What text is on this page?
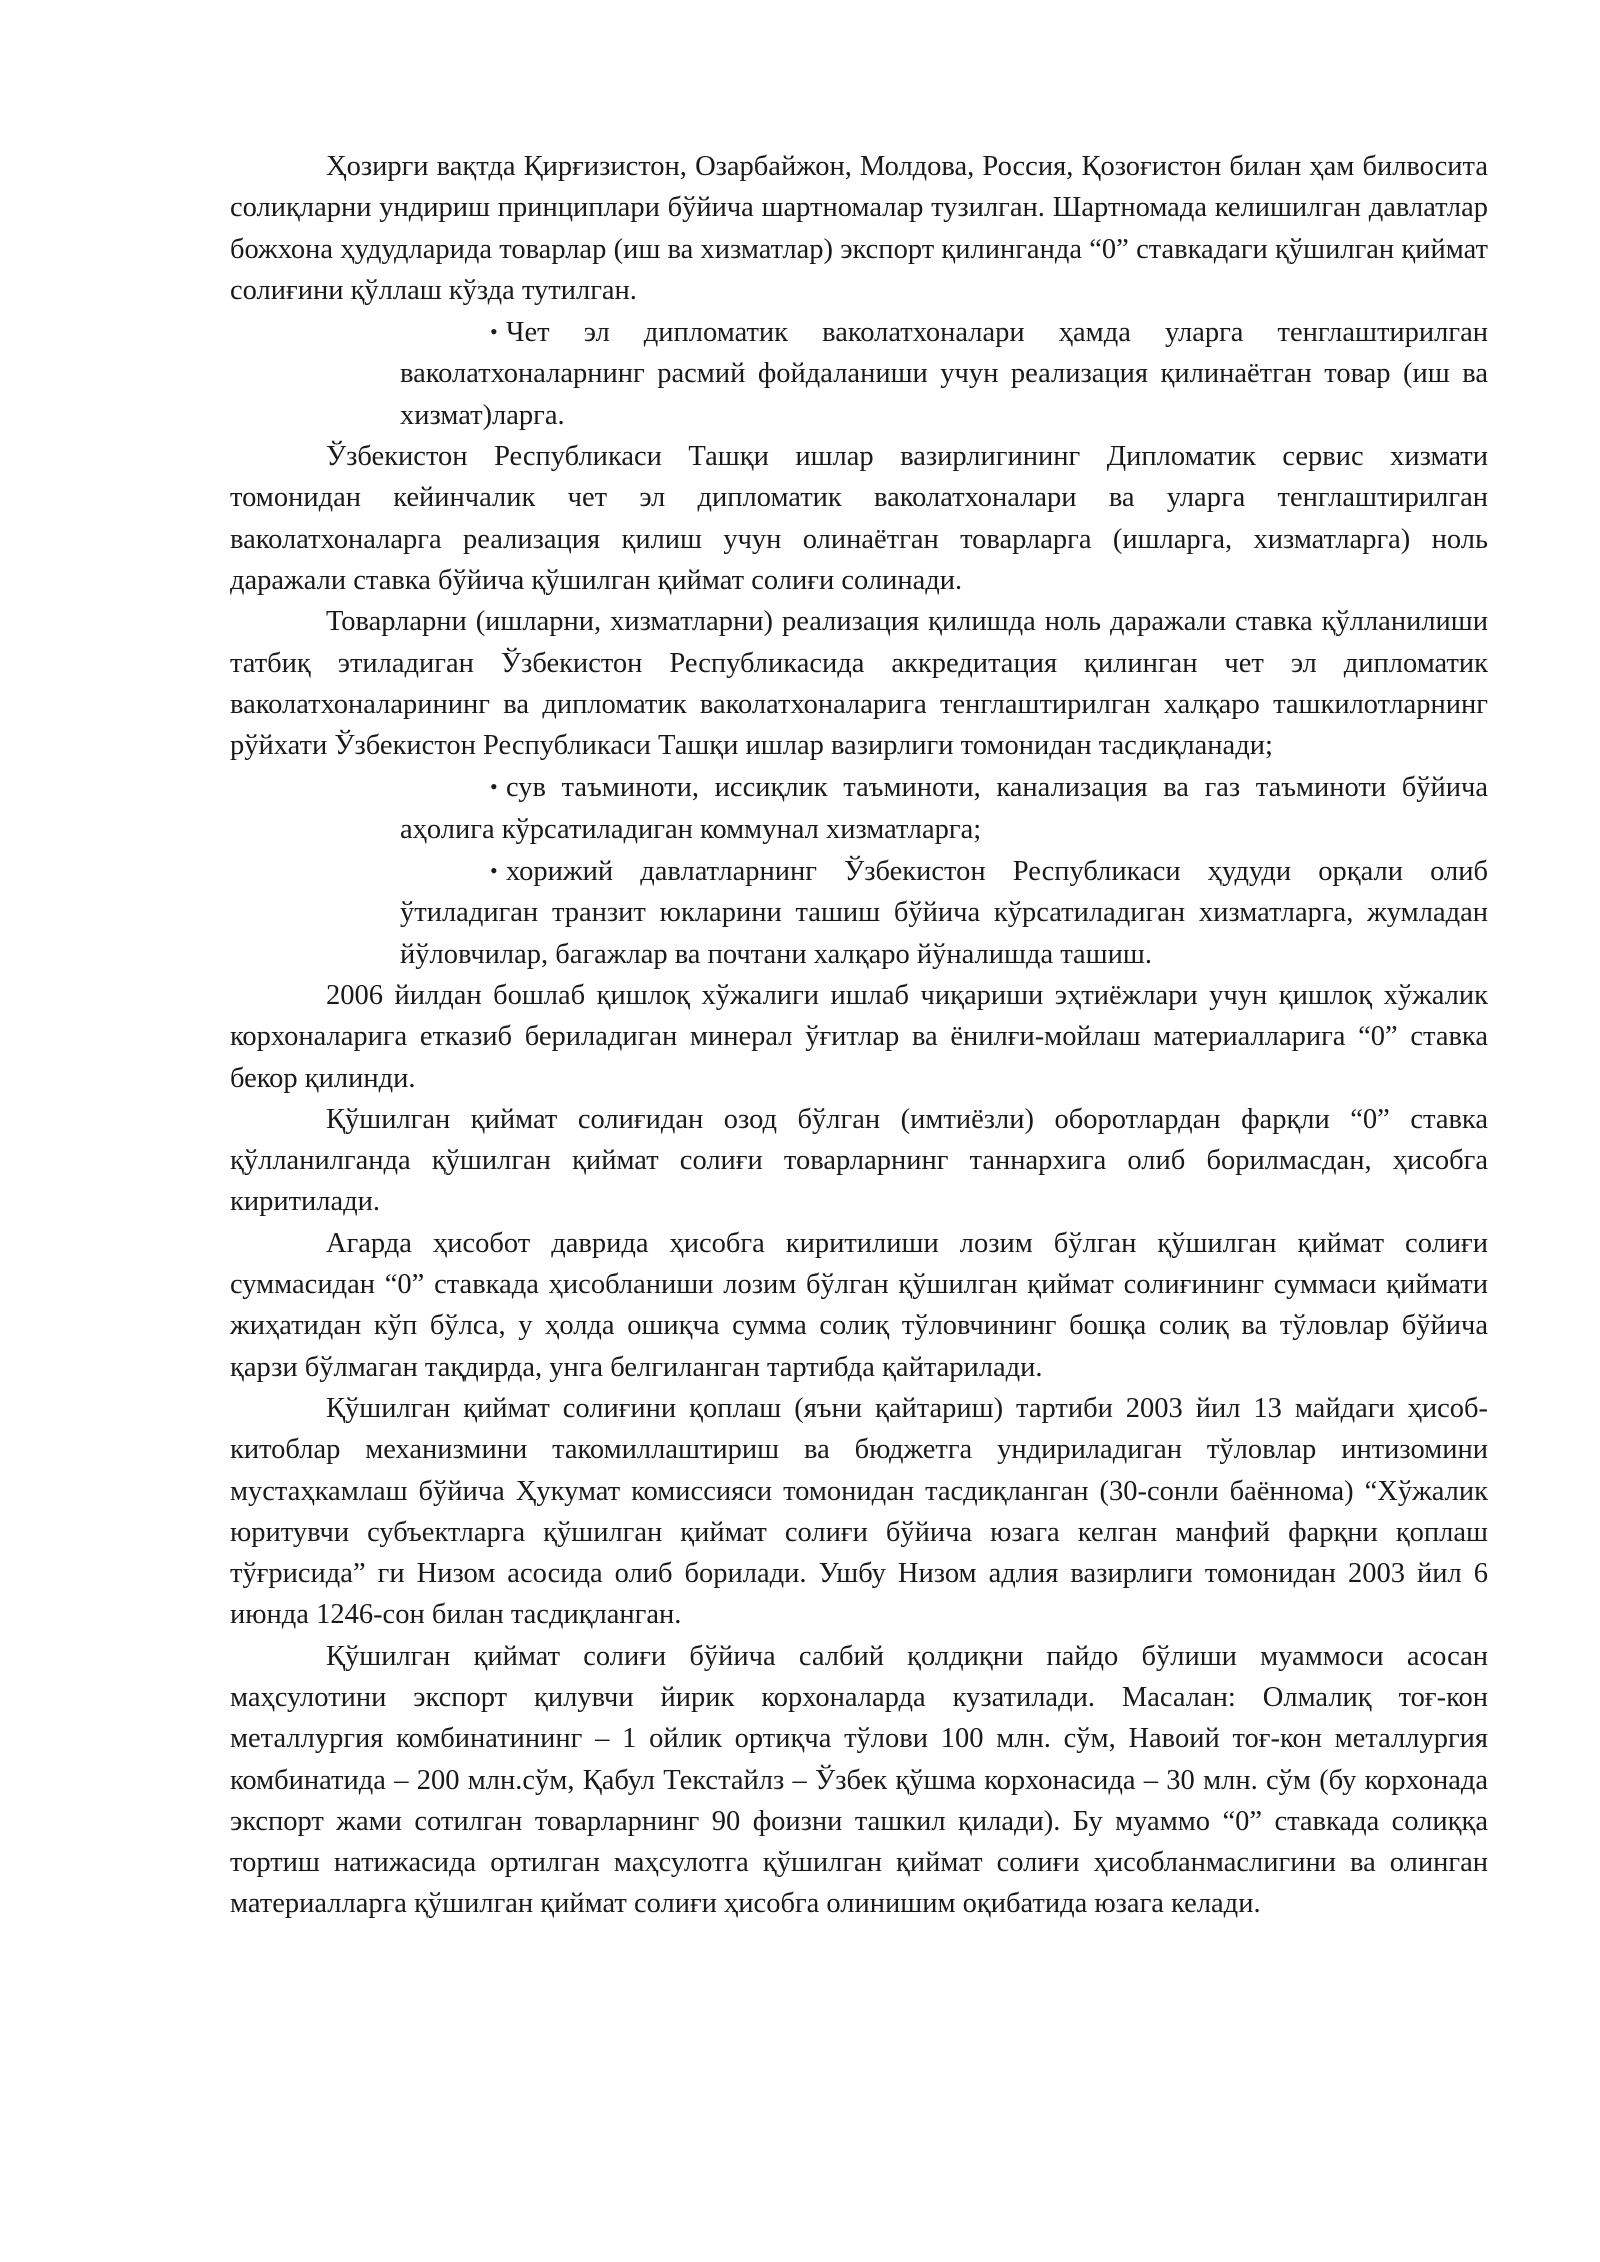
Ҳозирги вақтда Қирғизистон, Озарбайжон, Молдова, Россия, Қозоғистон билан ҳам билвосита солиқларни ундириш принциплари бўйича шартномалар тузилган. Шартномада келишилган давлатлар божхона ҳудудларида товарлар (иш ва хизматлар) экспорт қилинганда “0” ставкадаги қўшилган қиймат солиғини қўллаш кўзда тутилган.

• Чет эл дипломатик ваколатхоналари ҳамда уларга тенглаштирилган ваколатхоналарнинг расмий фойдаланиши учун реализация қилинаётган товар (иш ва хизмат)ларга.

Ўзбекистон Республикаси Ташқи ишлар вазирлигининг Дипломатик сервис хизмати томонидан кейинчалик чет эл дипломатик ваколатхоналари ва уларга тенглаштирилган ваколатхоналарга реализация қилиш учун олинаётган товарларга (ишларга, хизматларга) ноль даражали ставка бўйича қўшилган қиймат солиғи солинади.

Товарларни (ишларни, хизматларни) реализация қилишда ноль даражали ставка қўлланилиши татбиқ этиладиган Ўзбекистон Республикасида аккредитация қилинган чет эл дипломатик ваколатхоналарининг ва дипломатик ваколатхоналарига тенглаштирилган халқаро ташкилотларнинг рўйхати Ўзбекистон Республикаси Ташқи ишлар вазирлиги томонидан тасдиқланади;

• сув таъминоти, иссиқлик таъминоти, канализация ва газ таъминоти бўйича аҳолига кўрсатиладиган коммунал хизматларга;
• хорижий давлатларнинг Ўзбекистон Республикаси ҳудуди орқали олиб ўтиладиган транзит юкларини ташиш бўйича кўрсатиладиган хизматларга, жумладан йўловчилар, багажлар ва почтани халқаро йўналишда ташиш.

2006 йилдан бошлаб қишлоқ хўжалиги ишлаб чиқариши эҳтиёжлари учун қишлоқ хўжалик корхоналарига етказиб бериладиган минерал ўғитлар ва ёнилғи-мойлаш материалларига “0” ставка бекор қилинди.

Қўшилган қиймат солиғидан озод бўлган (имтиёзли) оборотлардан фарқли “0” ставка қўлланилганда қўшилган қиймат солиғи товарларнинг таннархига олиб борилмасдан, ҳисобга киритилади.

Агарда ҳисобот даврида ҳисобга киритилиши лозим бўлган қўшилган қиймат солиғи суммасидан “0” ставкада ҳисобланиши лозим бўлган қўшилган қиймат солиғининг суммаси қиймати жиҳатидан кўп бўлса, у ҳолда ошиқча сумма солиқ тўловчининг бошқа солиқ ва тўловлар бўйича қарзи бўлмаган тақдирда, унга белгиланган тартибда қайтарилади.

Қўшилган қиймат солиғини қоплаш (яъни қайтариш) тартиби 2003 йил 13 майдаги ҳисоб-китоблар механизмини такомиллаштириш ва бюджетга ундириладиган тўловлар интизомини мустаҳкамлаш бўйича Ҳукумат комиссияси томонидан тасдиқланган (30-сонли баённома) “Хўжалик юритувчи субъектларга қўшилган қиймат солиғи бўйича юзага келган манфий фарқни қоплаш тўғрисида” ги Низом асосида олиб борилади. Ушбу Низом адлия вазирлиги томонидан 2003 йил 6 июнда 1246-сон билан тасдиқланган.

Қўшилган қиймат солиғи бўйича салбий қолдиқни пайдо бўлиши муаммоси асосан маҳсулотини экспорт қилувчи йирик корхоналарда кузатилади. Масалан: Олмалиқ тоғ-кон металлургия комбинатининг – 1 ойлик ортиқча тўлови 100 млн. сўм, Навоий тоғ-кон металлургия комбинатида – 200 млн.сўм, Қабул Текстайлз – Ўзбек қўшма корхонасида – 30 млн. сўм (бу корхонада экспорт жами сотилган товарларнинг 90 фоизни ташкил қилади). Бу муаммо “0” ставкада солиққа тортиш натижасида ортилган маҳсулотга қўшилган қиймат солиғи ҳисобланмаслигини ва олинган материалларга қўшилган қиймат солиғи ҳисобга олинишим оқибатида юзага келади.
